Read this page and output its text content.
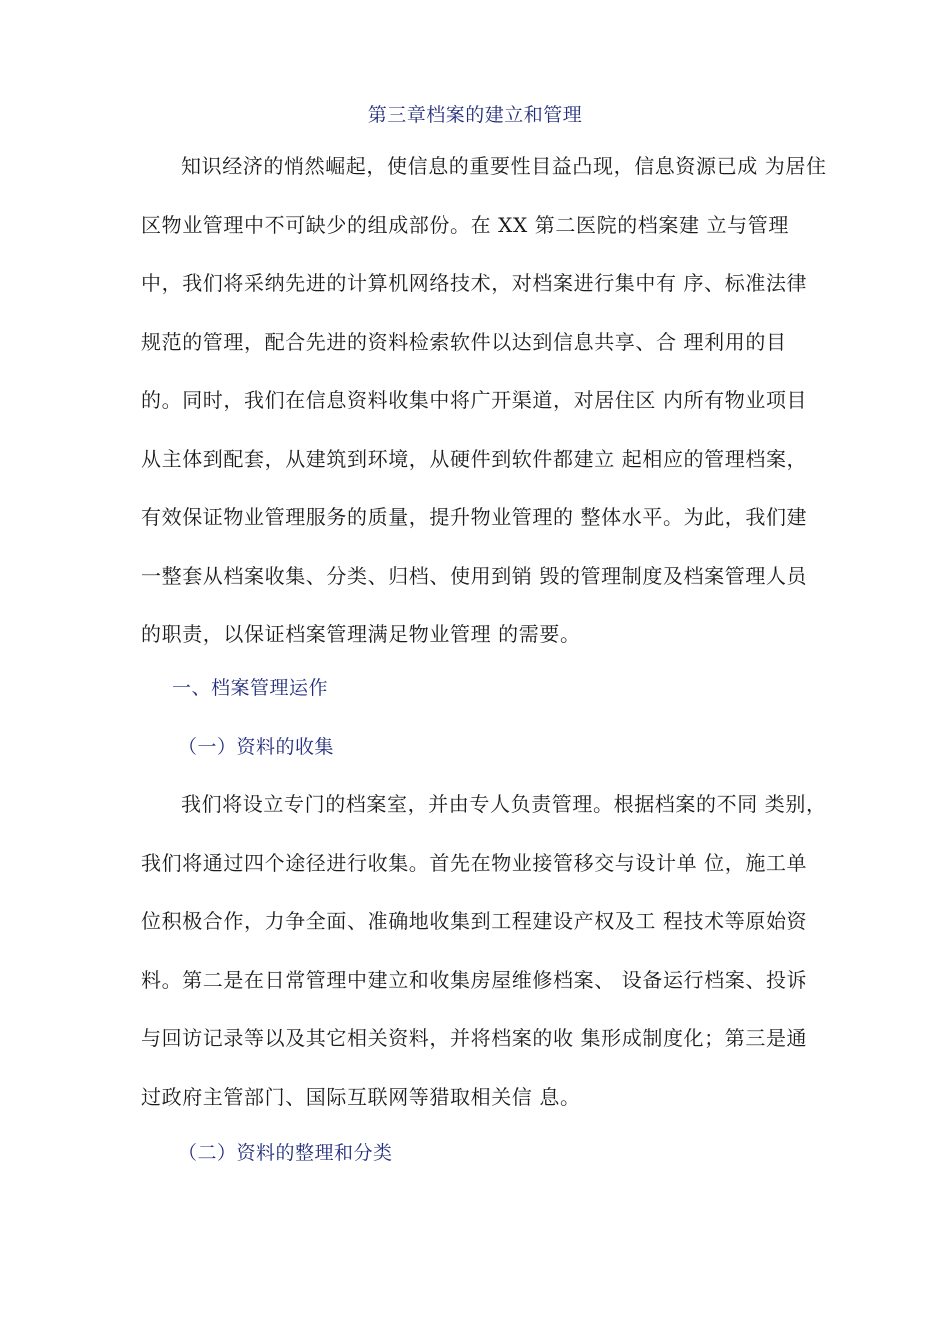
第三章档案的建立和管理
知识经济的悄然崛起，使信息的重要性目益凸现，信息资源已成 为居住
区物业管理中不可缺少的组成部份。在 XX 第二医院的档案建 立与管理
中，我们将采纳先进的计算机网络技术，对档案进行集中有 序、标准法律
规范的管理，配合先进的资料检索软件以达到信息共享、合 理利用的目
的。同时，我们在信息资料收集中将广开渠道，对居住区 内所有物业项目
从主体到配套，从建筑到环境，从硬件到软件都建立 起相应的管理档案，
有效保证物业管理服务的质量，提升物业管理的 整体水平。为此，我们建
一整套从档案收集、分类、归档、使用到销 毁的管理制度及档案管理人员
的职责，以保证档案管理满足物业管理 的需要。
一、档案管理运作
（一）资料的收集
我们将设立专门的档案室，并由专人负责管理。根据档案的不同 类别，
我们将通过四个途径进行收集。首先在物业接管移交与设计单 位，施工单
位积极合作，力争全面、准确地收集到工程建设产权及工 程技术等原始资
料。第二是在日常管理中建立和收集房屋维修档案、 设备运行档案、投诉
与回访记录等以及其它相关资料，并将档案的收 集形成制度化；第三是通
过政府主管部门、国际互联网等猎取相关信 息。
（二）资料的整理和分类
